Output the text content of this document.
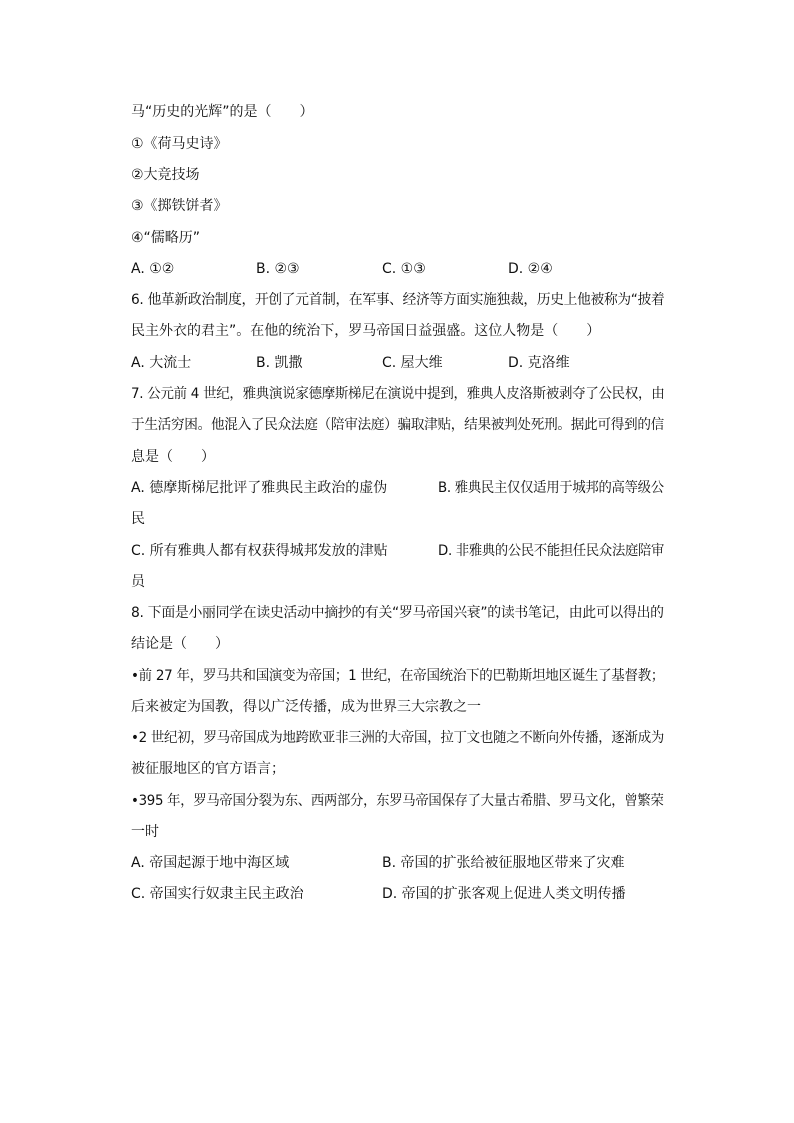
马“历史的光辉”的是（　　）
①《荷马史诗》
②大竞技场
③《掷铁饼者》
④“儒略历”
A. ①②	B. ②③	C. ①③	D. ②④
6. 他革新政治制度，开创了元首制，在军事、经济等方面实施独裁，历史上他被称为“披着
民主外衣的君主”。在他的统治下，罗马帝国日益强盛。这位人物是（　　）
A. 大流士	B. 凯撒	C. 屋大维	D. 克洛维
7. 公元前 4 世纪，雅典演说家德摩斯梯尼在演说中提到，雅典人皮洛斯被剥夺了公民权，由
于生活穷困。他混入了民众法庭（陪审法庭）骗取津贴，结果被判处死刑。据此可得到的信
息是（　　）
A. 德摩斯梯尼批评了雅典民主政治的虚伪	B. 雅典民主仅仅适用于城邦的高等级公
民
C. 所有雅典人都有权获得城邦发放的津贴	D. 非雅典的公民不能担任民众法庭陪审
员
8. 下面是小丽同学在读史活动中摘抄的有关“罗马帝国兴衰”的读书笔记，由此可以得出的
结论是（　　）
•前 27 年，罗马共和国演变为帝国；1 世纪，在帝国统治下的巴勒斯坦地区诞生了基督教；
后来被定为国教，得以广泛传播，成为世界三大宗教之一
•2 世纪初，罗马帝国成为地跨欧亚非三洲的大帝国，拉丁文也随之不断向外传播，逐渐成为
被征服地区的官方语言；
•395 年，罗马帝国分裂为东、西两部分，东罗马帝国保存了大量古希腊、罗马文化，曾繁荣
一时
A. 帝国起源于地中海区域	B. 帝国的扩张给被征服地区带来了灾难
C. 帝国实行奴隶主民主政治	D. 帝国的扩张客观上促进人类文明传播
